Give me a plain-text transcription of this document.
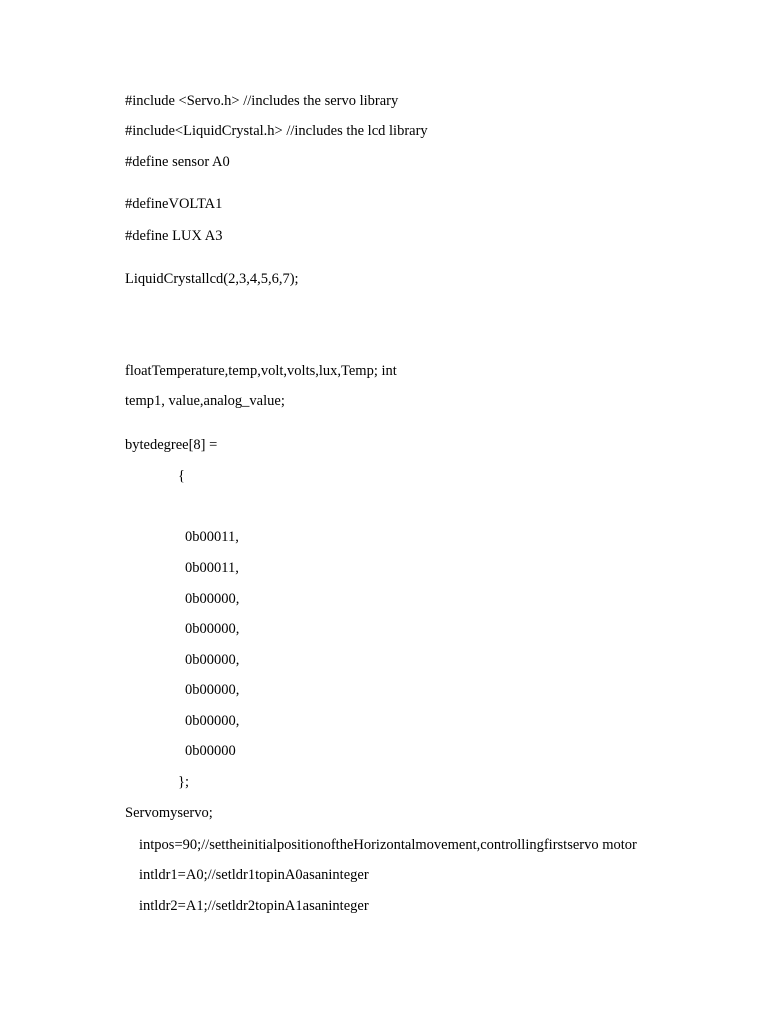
#include <Servo.h> //includes the servo library
#include<LiquidCrystal.h> //includes the lcd library
#define sensor A0
#defineVOLTA1
#define LUX A3
LiquidCrystallcd(2,3,4,5,6,7);
floatTemperature,temp,volt,volts,lux,Temp; int
temp1, value,analog_value;
bytedegree[8] =
{
0b00011,
0b00011,
0b00000,
0b00000,
0b00000,
0b00000,
0b00000,
0b00000
};
Servomyservo;
intpos=90;//settheinitialpositionoftheHorizontalmovement,controllingfirstservo motor
intldr1=A0;//setldr1topinA0asaninteger
intldr2=A1;//setldr2topinA1asaninteger
